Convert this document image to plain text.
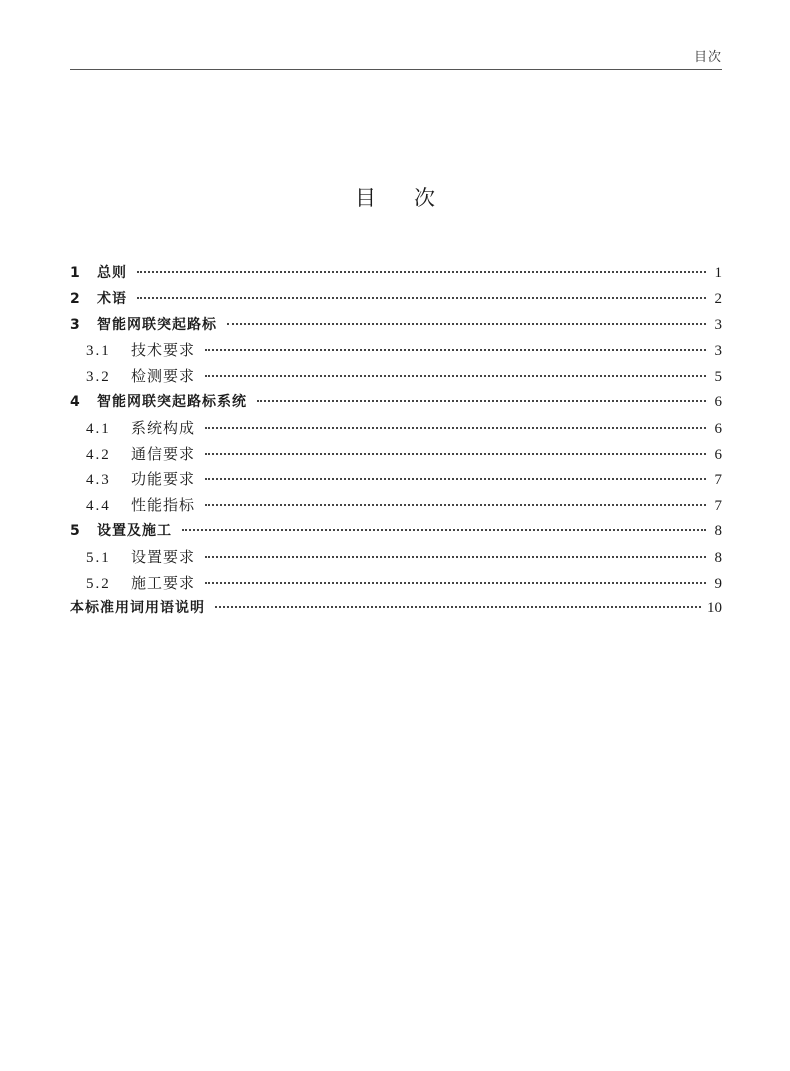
目次
目 次
1	总则	1
2	术语	2
3	智能网联突起路标	3
3.1	技术要求	3
3.2	检测要求	5
4	智能网联突起路标系统	6
4.1	系统构成	6
4.2	通信要求	6
4.3	功能要求	7
4.4	性能指标	7
5	设置及施工	8
5.1	设置要求	8
5.2	施工要求	9
本标准用词用语说明	10
